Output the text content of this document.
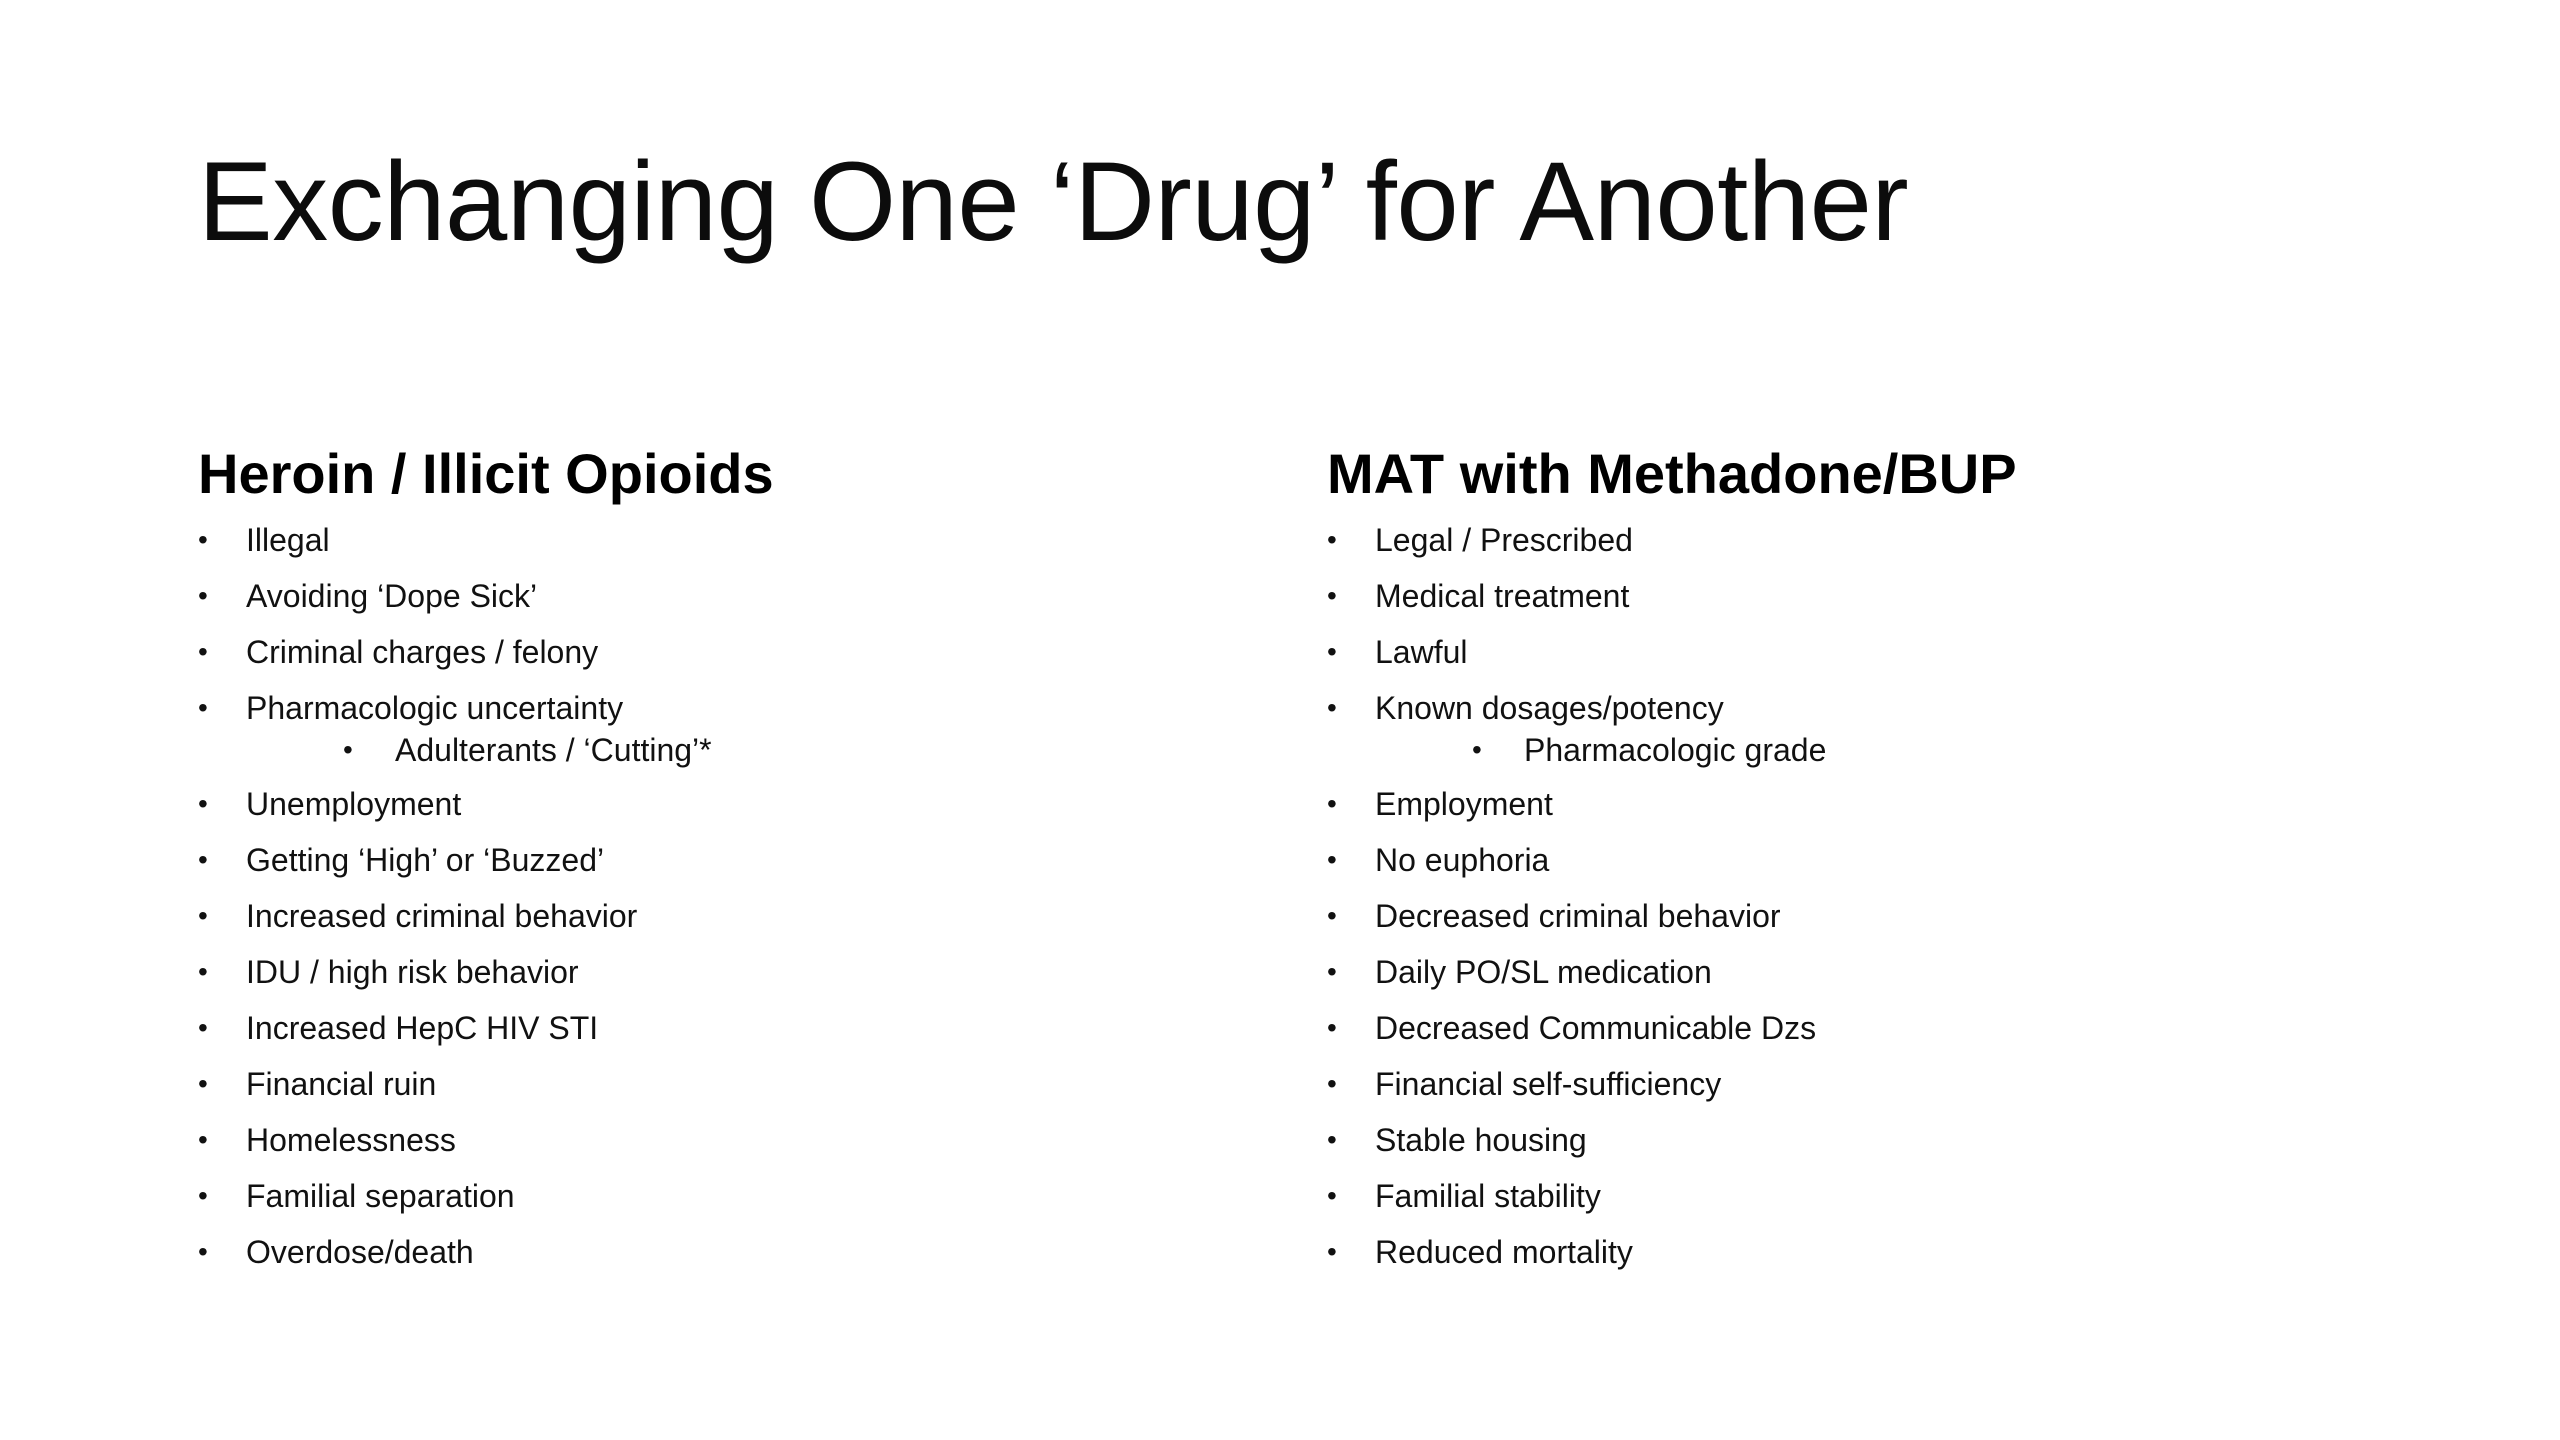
Exchanging One ‘Drug’ for Another
Heroin / Illicit Opioids
•	Illegal
•	Avoiding ‘Dope Sick’
•	Criminal charges / felony
•	Pharmacologic uncertainty
•	Adulterants / ‘Cutting’*
•	Unemployment
•	Getting ‘High’ or ‘Buzzed’
•	Increased criminal behavior
•	IDU / high risk behavior
•	Increased HepC HIV STI
•	Financial ruin
•	Homelessness
•	Familial separation
•	Overdose/death
MAT with Methadone/BUP
•	Legal / Prescribed
•	Medical treatment
•	Lawful
•	Known dosages/potency
•	Pharmacologic grade
•	Employment
•	No euphoria
•	Decreased criminal behavior
•	Daily PO/SL medication
•	Decreased Communicable Dzs
•	Financial self-sufficiency
•	Stable housing
•	Familial stability
•	Reduced mortality
